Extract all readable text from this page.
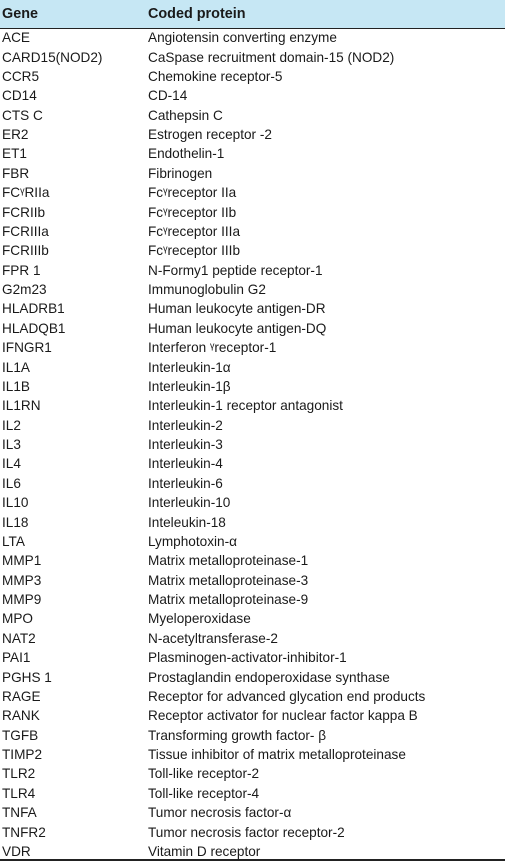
Gene	Coded protein
ACE	Angiotensin converting enzyme
CARD15(NOD2)	CaSpase recruitment domain-15 (NOD2)
CCR5	Chemokine receptor-5
CD14	CD-14
CTS C	Cathepsin C
ER2	Estrogen receptor -2
ET1	Endothelin-1
FBR	Fibrinogen
FCᵞRIIa	Fcᵞreceptor IIa
FCRIIb	Fcᵞreceptor IIb
FCRIIIa	Fcᵞreceptor IIIa
FCRIIIb	Fcᵞreceptor IIIb
FPR 1	N-Formy1 peptide receptor-1
G2m23	Immunoglobulin G2
HLADRB1	Human leukocyte antigen-DR
HLADQB1	Human leukocyte antigen-DQ
IFNGR1	Interferon ᵞreceptor-1
IL1A	Interleukin-1α
IL1B	Interleukin-1β
IL1RN	Interleukin-1 receptor antagonist
IL2	Interleukin-2
IL3	Interleukin-3
IL4	Interleukin-4
IL6	Interleukin-6
IL10	Interleukin-10
IL18	Inteleukin-18
LTA	Lymphotoxin-α
MMP1	Matrix metalloproteinase-1
MMP3	Matrix metalloproteinase-3
MMP9	Matrix metalloproteinase-9
MPO	Myeloperoxidase
NAT2	N-acetyltransferase-2
PAI1	Plasminogen-activator-inhibitor-1
PGHS 1	Prostaglandin endoperoxidase synthase
RAGE	Receptor for advanced glycation end products
RANK	Receptor activator for nuclear factor kappa B
TGFB	Transforming growth factor- β
TIMP2	Tissue inhibitor of matrix metalloproteinase
TLR2	Toll-like receptor-2
TLR4	Toll-like receptor-4
TNFA	Tumor necrosis factor-α
TNFR2	Tumor necrosis factor receptor-2
VDR	Vitamin D receptor
